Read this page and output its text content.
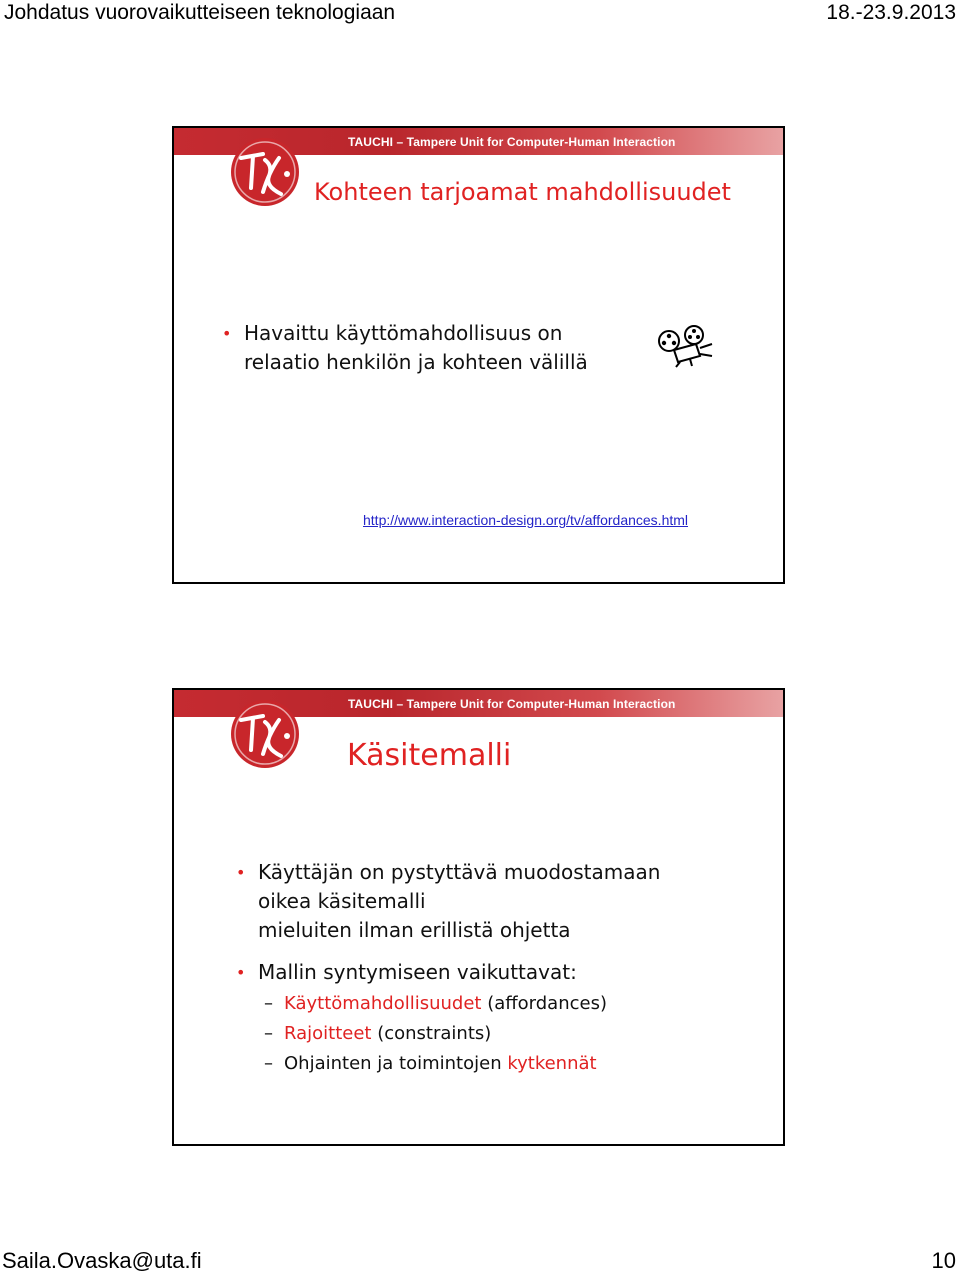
Johdatus vuorovaikutteiseen teknologiaan	18.-23.9.2013
TAUCHI – Tampere Unit for Computer-Human Interaction
Kohteen tarjoamat mahdollisuudet
• Havaittu käyttömahdollisuus on
relaatio henkilön ja kohteen välillä
http://www.interaction-design.org/tv/affordances.html
TAUCHI – Tampere Unit for Computer-Human Interaction
Käsitemalli
• Käyttäjän on pystyttävä muodostamaan
oikea käsitemalli
mieluiten ilman erillistä ohjetta
• Mallin syntymiseen vaikuttavat:
– Käyttömahdollisuudet (affordances)
– Rajoitteet (constraints)
– Ohjainten ja toimintojen kytkennät
Saila.Ovaska@uta.fi	10
